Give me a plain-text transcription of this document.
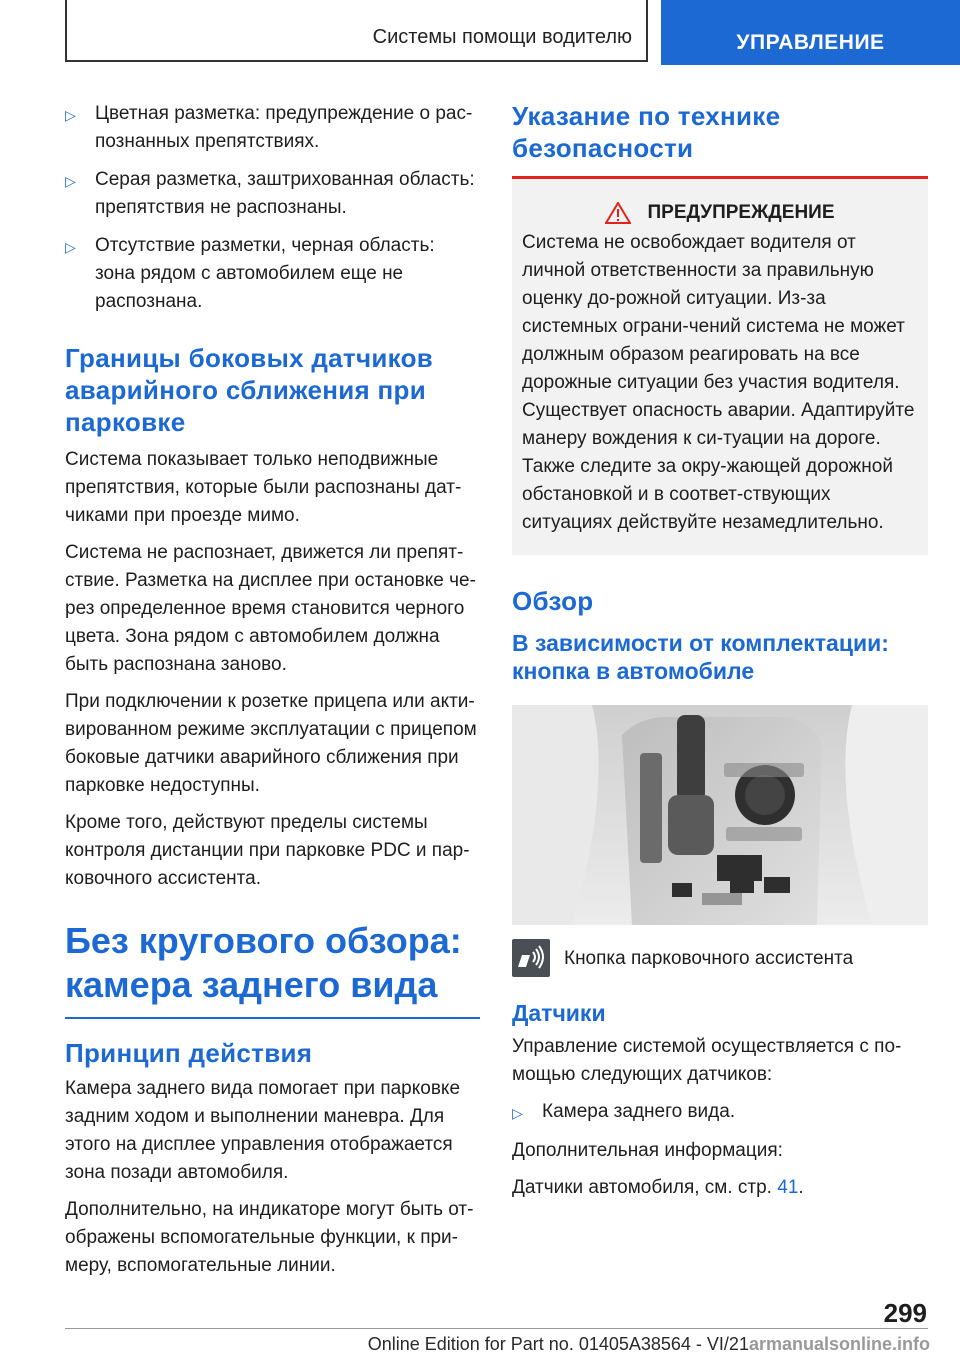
Системы помощи водителю	УПРАВЛЕНИЕ
▷	Цветная разметка: предупреждение о рас-познанных препятствиях.
▷	Серая разметка, заштрихованная область: препятствия не распознаны.
▷	Отсутствие разметки, черная область: зона рядом с автомобилем еще не распознана.
Границы боковых датчиков аварийного сближения при парковке

Система показывает только неподвижные препятствия, которые были распознаны дат-чиками при проезде мимо.

Система не распознает, движется ли препят-ствие. Разметка на дисплее при остановке че-рез определенное время становится черного цвета. Зона рядом с автомобилем должна быть распознана заново.

При подключении к розетке прицепа или акти-вированном режиме эксплуатации с прицепом боковые датчики аварийного сближения при парковке недоступны.

Кроме того, действуют пределы системы контроля дистанции при парковке PDC и пар-ковочного ассистента.

Без кругового обзора: камера заднего вида
Принцип действия

Камера заднего вида помогает при парковке задним ходом и выполнении маневра. Для этого на дисплее управления отображается зона позади автомобиля.

Дополнительно, на индикаторе могут быть от-ображены вспомогательные функции, к при-меру, вспомогательные линии.

Указание по технике безопасности
ПРЕДУПРЕЖДЕНИЕ
Система не освобождает водителя от личной ответственности за правильную оценку до-рожной ситуации. Из-за системных ограни-чений система не может должным образом реагировать на все дорожные ситуации без участия водителя. Существует опасность аварии. Адаптируйте манеру вождения к си-туации на дороге. Также следите за окру-жающей дорожной обстановкой и в соответ-ствующих ситуациях действуйте незамедлительно.
Обзор
В зависимости от комплектации: кнопка в автомобиле
Кнопка парковочного ассистента
Датчики

Управление системой осуществляется с по-мощью следующих датчиков:

▷	Камера заднего вида.

Дополнительная информация:

Датчики автомобиля, см. стр. 41.

299
Online Edition for Part no. 01405A38564 - VI/21armanualsonline.info
